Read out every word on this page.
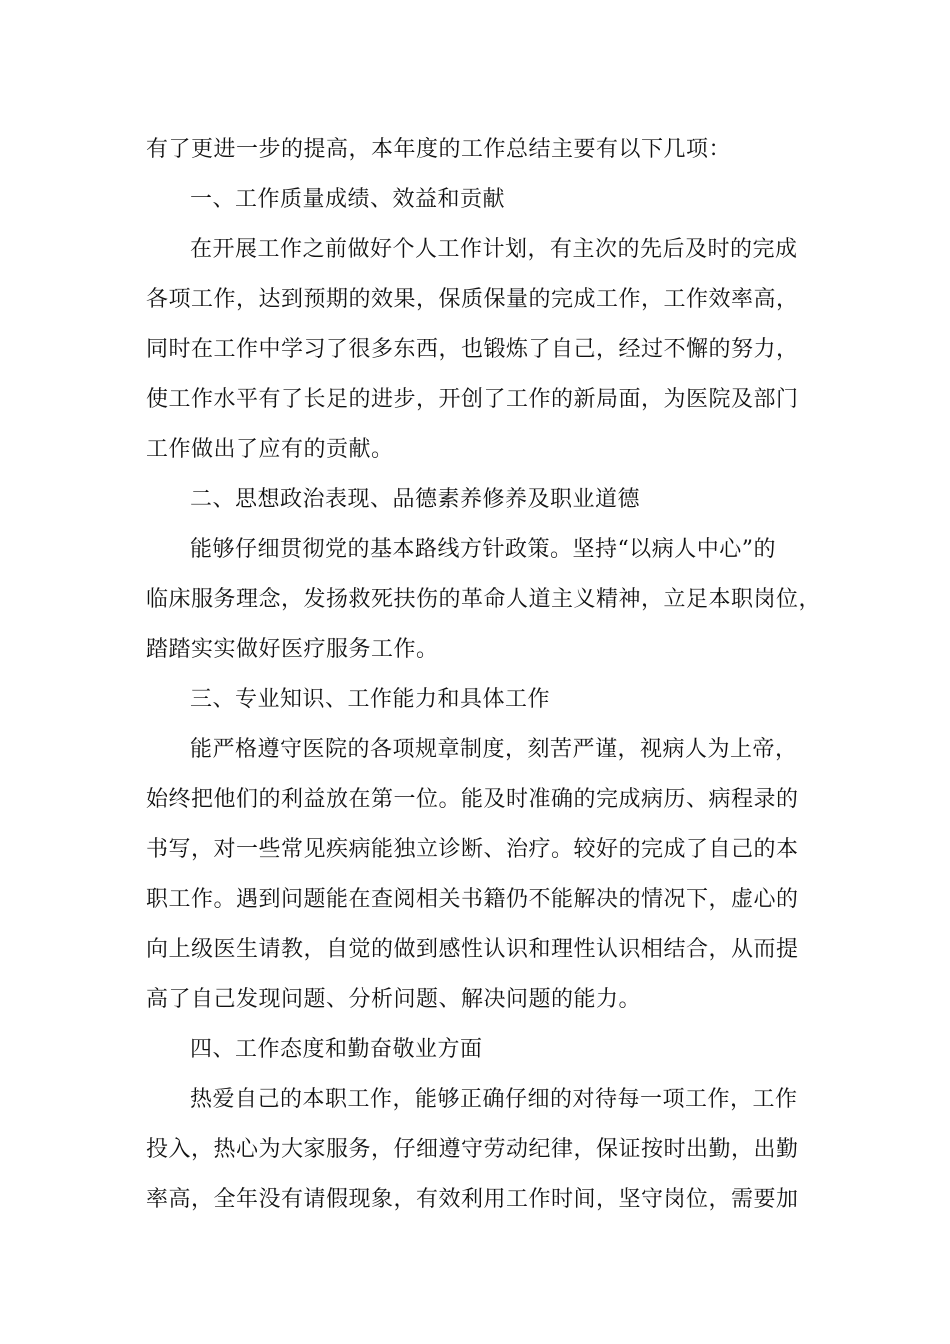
有了更进一步的提高，本年度的工作总结主要有以下几项：

一、工作质量成绩、效益和贡献

在开展工作之前做好个人工作计划，有主次的先后及时的完成

各项工作，达到预期的效果，保质保量的完成工作，工作效率高，

同时在工作中学习了很多东西，也锻炼了自己，经过不懈的努力，

使工作水平有了长足的进步，开创了工作的新局面，为医院及部门

工作做出了应有的贡献。

二、思想政治表现、品德素养修养及职业道德

能够仔细贯彻党的基本路线方针政策。坚持“以病人中心”的

临床服务理念，发扬救死扶伤的革命人道主义精神，立足本职岗位，

踏踏实实做好医疗服务工作。

三、专业知识、工作能力和具体工作

能严格遵守医院的各项规章制度，刻苦严谨，视病人为上帝，

始终把他们的利益放在第一位。能及时准确的完成病历、病程录的

书写，对一些常见疾病能独立诊断、治疗。较好的完成了自己的本

职工作。遇到问题能在查阅相关书籍仍不能解决的情况下，虚心的

向上级医生请教，自觉的做到感性认识和理性认识相结合，从而提

高了自己发现问题、分析问题、解决问题的能力。

四、工作态度和勤奋敬业方面

热爱自己的本职工作，能够正确仔细的对待每一项工作，工作

投入，热心为大家服务，仔细遵守劳动纪律，保证按时出勤，出勤

率高，全年没有请假现象，有效利用工作时间，坚守岗位，需要加
